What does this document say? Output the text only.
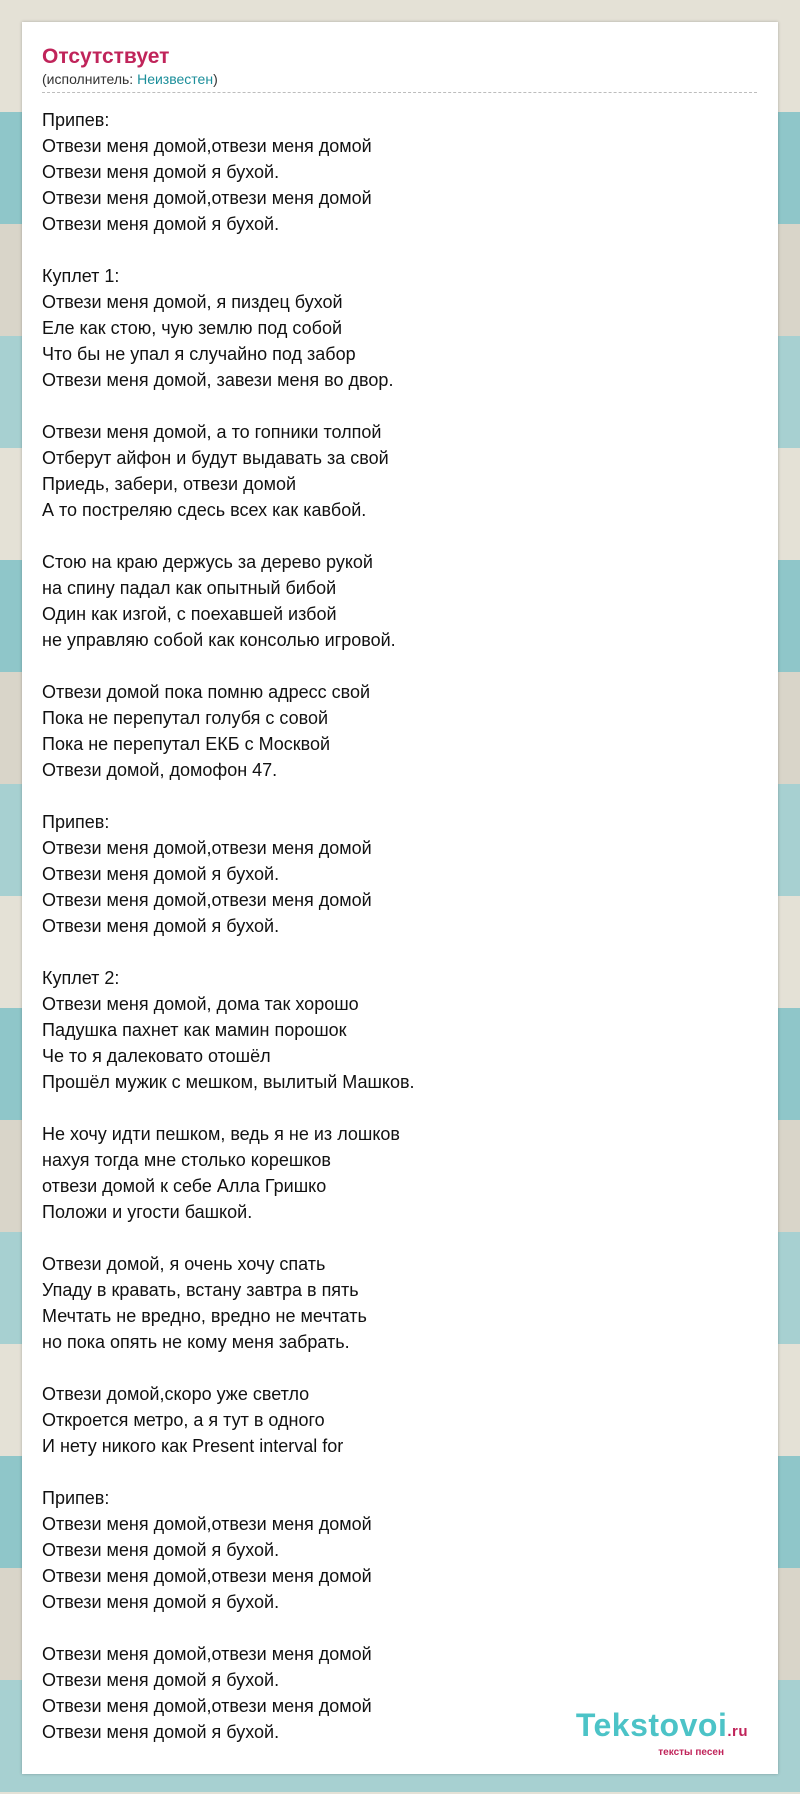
Отсутствует
(исполнитель: Неизвестен)
Припев:
Отвези меня домой,отвези меня домой
Отвези меня домой я бухой.
Отвези меня домой,отвези меня домой
Отвези меня домой я бухой.

Куплет 1:
Отвези меня домой, я пиздец бухой
Еле как стою, чую землю под собой
Что бы не упал я случайно под забор
Отвези меня домой, завези меня во двор.

Отвези меня домой, а то гопники толпой
Отберут айфон и будут выдавать за свой
Приедь, забери, отвези домой
А то постреляю сдесь всех как кавбой.

Стою на краю держусь за дерево рукой
на спину падал как опытный бибой
Один как изгой, с поехавшей избой
не управляю собой как консолью игровой.

Отвези домой пока помню адресс свой
Пока не перепутал голубя с совой
Пока не перепутал ЕКБ с Москвой
Отвези домой, домофон 47.

Припев:
Отвези меня домой,отвези меня домой
Отвези меня домой я бухой.
Отвези меня домой,отвези меня домой
Отвези меня домой я бухой.

Куплет 2:
Отвези меня домой, дома так хорошо
Падушка пахнет как мамин порошок
Че то я далековато отошёл
Прошёл мужик с мешком, вылитый Машков.

Не хочу идти пешком, ведь я не из лошков
нахуя тогда мне столько корешков
отвези домой к себе Алла Гришко
Положи и угости башкой.

Отвези домой, я очень хочу спать
Упаду в кравать, встану завтра в пять
Мечтать не вредно, вредно не мечтать
но пока опять не кому меня забрать.

Отвези домой,скоро уже светло
Откроется метро, а я тут в одного
И нету никого как Present interval for

Припев:
Отвези меня домой,отвези меня домой
Отвези меня домой я бухой.
Отвези меня домой,отвези меня домой
Отвези меня домой я бухой.

Отвези меня домой,отвези меня домой
Отвези меня домой я бухой.
Отвези меня домой,отвези меня домой
Отвези меня домой я бухой.	Tekstovoi.ru
тексты песен
